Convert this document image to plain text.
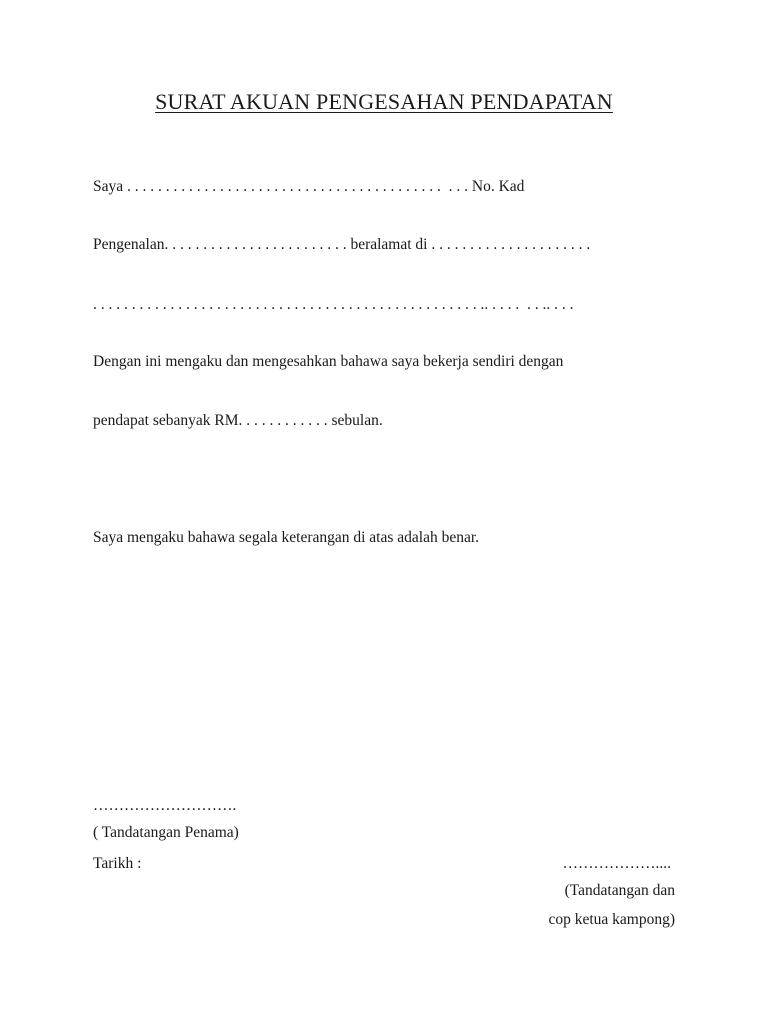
SURAT AKUAN PENGESAHAN PENDAPATAN
Saya . . . . . . . . . . . . . . . . . . . . . . . . . . . . . . . . . . . . . . . . .  . . . No. Kad
Pengenalan. . . . . . . . . . . . . . . . . . . . . . . . beralamat di . . . . . . . . . . . . . . . . . . . . .
. . . . . . . . . . . . . . . . . . . . . . . . . . . . . . . . . . . . . . . . . . . . . . . . . . .. . . . .  . . .. . . .
Dengan ini mengaku dan mengesahkan bahawa saya bekerja sendiri dengan
pendapat sebanyak RM. . . . . . . . . . . . sebulan.
Saya mengaku bahawa segala keterangan di atas adalah benar.
……………………….
( Tandatangan Penama)
Tarikh :	………………....
(Tandatangan dan
cop ketua kampong)
